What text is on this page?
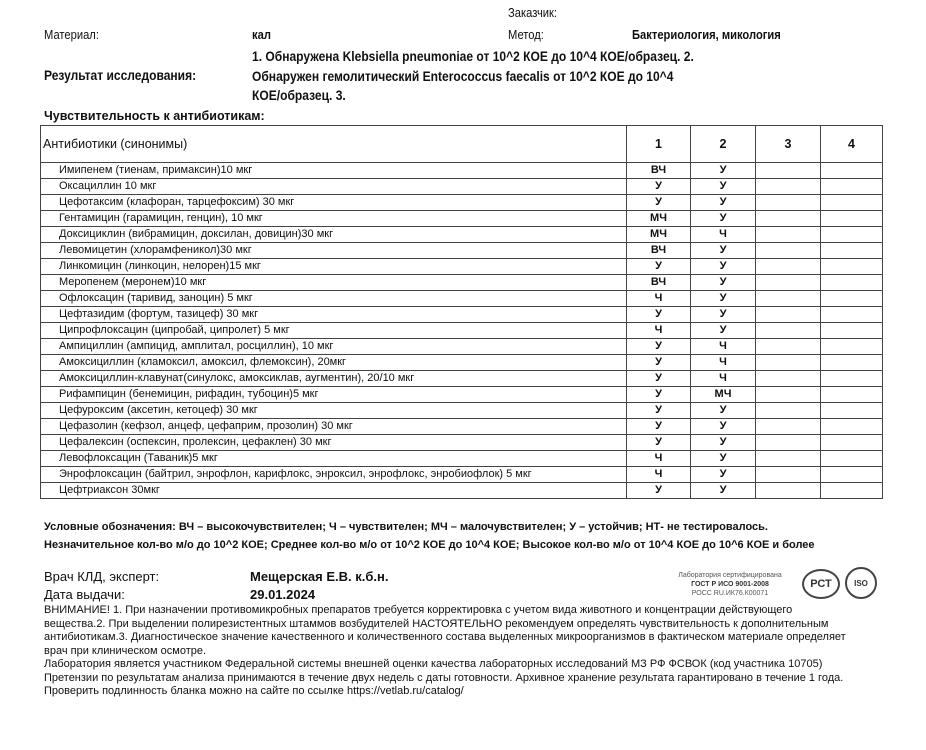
Заказчик:
Материал:	кал	Метод:	Бактериология, микология
Результат исследования:
1. Обнаружена Klebsiella pneumoniae от 10^2 КОЕ до 10^4 КОЕ/образец. 2.
Обнаружен гемолитический Enterococcus faecalis от 10^2 КОЕ до 10^4
КОЕ/образец. 3.
Чувствительность к антибиотикам:
Антибиотики (синонимы)	1	2	3	4
Имипенем (тиенам, примаксин)10 мкг	ВЧ	У		
Оксациллин 10 мкг	У	У		
Цефотаксим (клафоран, тарцефоксим) 30 мкг	У	У		
Гентамицин (гарамицин, генцин), 10 мкг	МЧ	У		
Доксициклин (вибрамицин, доксилан, довицин)30 мкг	МЧ	Ч		
Левомицетин (хлорамфеникол)30 мкг	ВЧ	У		
Линкомицин (линкоцин, нелорен)15 мкг	У	У		
Меропенем (меронем)10 мкг	ВЧ	У		
Офлоксацин (таривид, заноцин) 5 мкг	Ч	У		
Цефтазидим (фортум, тазицеф) 30 мкг	У	У		
Ципрофлоксацин (ципробай, ципролет) 5 мкг	Ч	У		
Ампициллин (ампицид, амплитал, росциллин), 10 мкг	У	Ч		
Амоксициллин (кламоксил, амоксил, флемоксин), 20мкг	У	Ч		
Амоксициллин-клавунат(синулокс, амоксиклав, аугментин), 20/10 мкг	У	Ч		
Рифампицин (бенемицин, рифадин, тубоцин)5 мкг	У	МЧ		
Цефуроксим (аксетин, кетоцеф) 30 мкг	У	У		
Цефазолин (кефзол, анцеф, цефаприм, прозолин) 30 мкг	У	У		
Цефалексин (оспексин, пролексин, цефаклен) 30 мкг	У	У		
Левофлоксацин (Таваник)5 мкг	Ч	У		
Энрофлоксацин (байтрил, энрофлон, карифлокс, энроксил, энрофлокс, энробиофлок) 5 мкг	Ч	У		
Цефтриаксон 30мкг	У	У		
Условные обозначения: ВЧ – высокочувствителен; Ч – чувствителен; МЧ – малочувствителен; У – устойчив; НТ- не тестировалось.
Незначительное кол-во м/о до 10^2 КОЕ; Среднее кол-во м/о от 10^2 КОЕ до 10^4 КОЕ; Высокое кол-во м/о от 10^4 КОЕ до 10^6 КОЕ и более
Врач КЛД, эксперт:	Мещерская Е.В. к.б.н.
Дата выдачи:	29.01.2024
Лаборатория сертифицирована
ГОСТ Р ИСО 9001-2008
РОСС RU.ИК76.К00071
РСТ	ISO
ВНИМАНИЕ! 1. При назначении противомикробных препаратов требуется корректировка с учетом вида животного и концентрации действующего
вещества.2. При выделении полирезистентных штаммов возбудителей НАСТОЯТЕЛЬНО рекомендуем определять чувствительность к дополнительным
антибиотикам.3. Диагностическое значение качественного и количественного состава выделенных микроорганизмов в фактическом материале определяет
врач при клиническом осмотре.
Лаборатория является участником Федеральной системы внешней оценки качества лабораторных исследований МЗ РФ ФСВОК (код участника 10705)
Претензии по результатам анализа принимаются в течение двух недель с даты готовности. Архивное хранение результата гарантировано в течение 1 года.
Проверить подлинность бланка можно на сайте по ссылке https://vetlab.ru/catalog/
